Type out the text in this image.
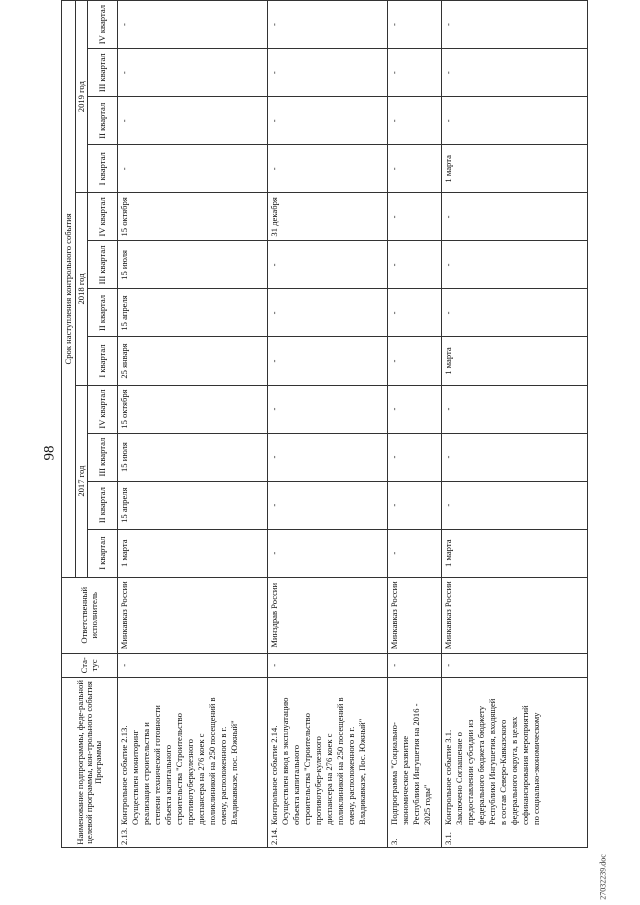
98
27032239.doc
Наименование подпрограммы, феде-ральной целевой программы, кон-трольного события Программы	Ста-тус	Ответственный исполнитель	Срок наступления контрольного события											
			2017 год				2018 год				2019 год			
			I квартал	II квартал	III квартал	IV квартал	I квартал	II квартал	III квартал	IV квартал	I квартал	II квартал	III квартал	IV квартал
2.13.Контрольное событие 2.13. Осуществлен мониторинг реализации строительства и степени технической готовности объекта капитального строительства "Строительство противотуберкулезного диспансера на 276 коек с поликлиникой на 250 посещений в смену, расположенного в г. Владикавказе, пос. Южный"	-	Минкавказ России	1 марта	15 апреля	15 июля	15 октября	25 января	15 апреля	15 июля	15 октября	-	-	-	-
2.14.Контрольное событие 2.14. Осуществлен ввод в эксплуатацию объекта капитального строительства "Строительство противотубер-кулезного диспансера на 276 коек с поликлиникой на 250 посещений в смену, расположенного в г. Владикавказе, Пос. Южный"	-	Минздрав России	-	-	-	-	-	-	-	31 декабря	-	-	-	-
3.Подпрограмма "Социально-экономическое развитие Республики Ингушетия на 2016 - 2025 годы"	-	Минкавказ России	-	-	-	-	-	-	-	-	-	-	-	-
3.1.Контрольное событие 3.1. Заключено Соглашение о предоставлении субсидии из федерального бюджета бюджету Республики Ингушетия, входящей в состав Северо-Кавказского федерального округа, в целях софинансирования мероприятий по социально-экономическому	-	Минкавказ России	1 марта	-	-	-	1 марта	-	-	-	1 марта	-	-	-
